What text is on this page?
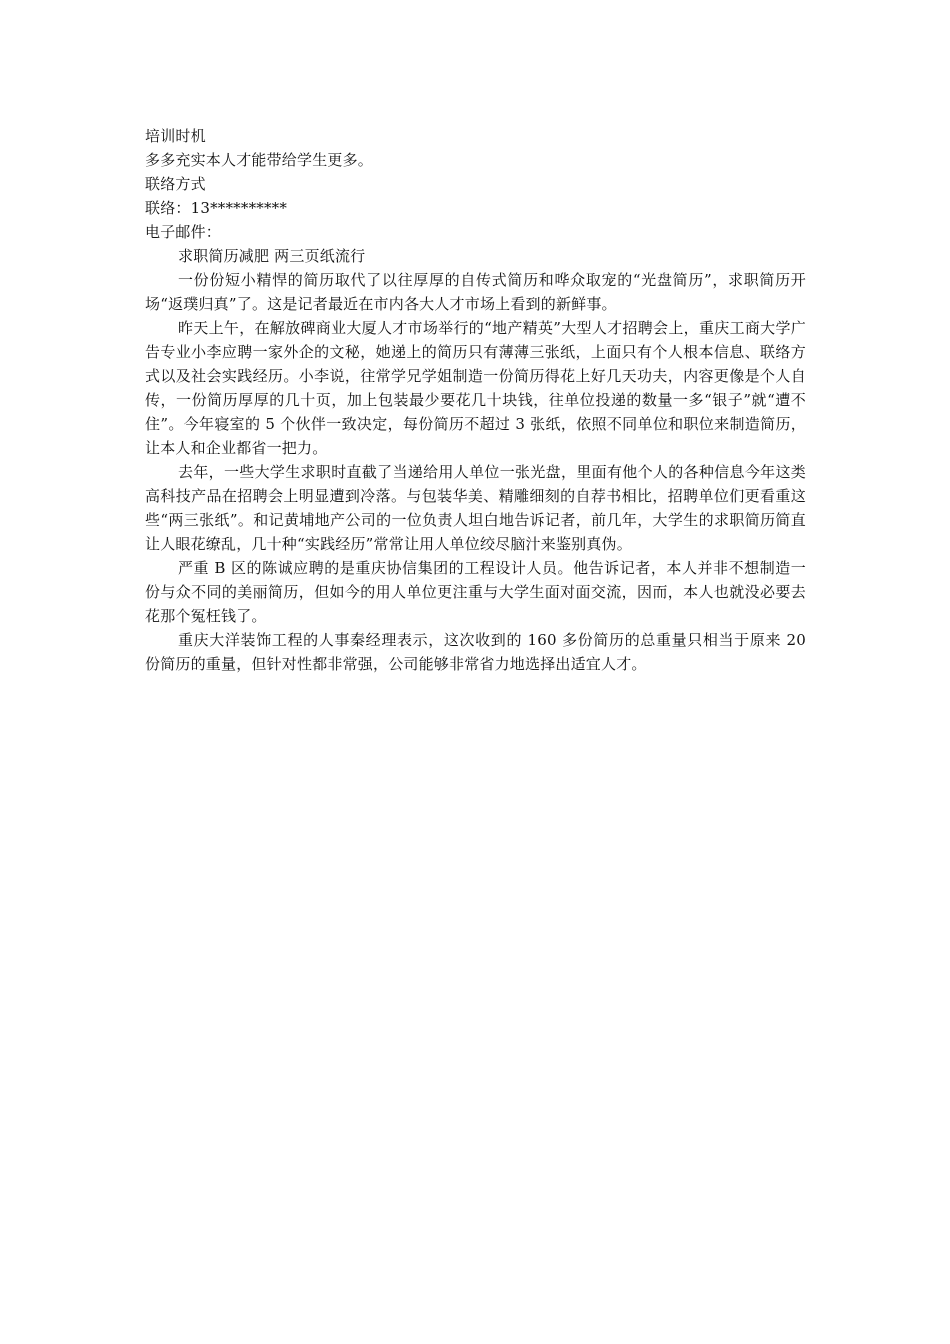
培训时机

多多充实本人才能带给学生更多。

联络方式

联络：13**********

电子邮件：

求职简历减肥 两三页纸流行

一份份短小精悍的简历取代了以往厚厚的自传式简历和哗众取宠的“光盘简历”，求职简历开场“返璞归真”了。这是记者最近在市内各大人才市场上看到的新鲜事。

昨天上午，在解放碑商业大厦人才市场举行的“地产精英”大型人才招聘会上，重庆工商大学广告专业小李应聘一家外企的文秘，她递上的简历只有薄薄三张纸，上面只有个人根本信息、联络方式以及社会实践经历。小李说，往常学兄学姐制造一份简历得花上好几天功夫，内容更像是个人自传，一份简历厚厚的几十页，加上包装最少要花几十块钱，往单位投递的数量一多“银子”就“遭不住”。今年寝室的 5 个伙伴一致决定，每份简历不超过 3 张纸，依照不同单位和职位来制造简历，让本人和企业都省一把力。

去年，一些大学生求职时直截了当递给用人单位一张光盘，里面有他个人的各种信息今年这类高科技产品在招聘会上明显遭到冷落。与包装华美、精雕细刻的自荐书相比，招聘单位们更看重这些“两三张纸”。和记黄埔地产公司的一位负责人坦白地告诉记者，前几年，大学生的求职简历简直让人眼花缭乱，几十种“实践经历”常常让用人单位绞尽脑汁来鉴别真伪。

严重 B 区的陈诚应聘的是重庆协信集团的工程设计人员。他告诉记者，本人并非不想制造一份与众不同的美丽简历，但如今的用人单位更注重与大学生面对面交流，因而，本人也就没必要去花那个冤枉钱了。

重庆大洋装饰工程的人事秦经理表示，这次收到的 160 多份简历的总重量只相当于原来 20 份简历的重量，但针对性都非常强，公司能够非常省力地选择出适宜人才。
